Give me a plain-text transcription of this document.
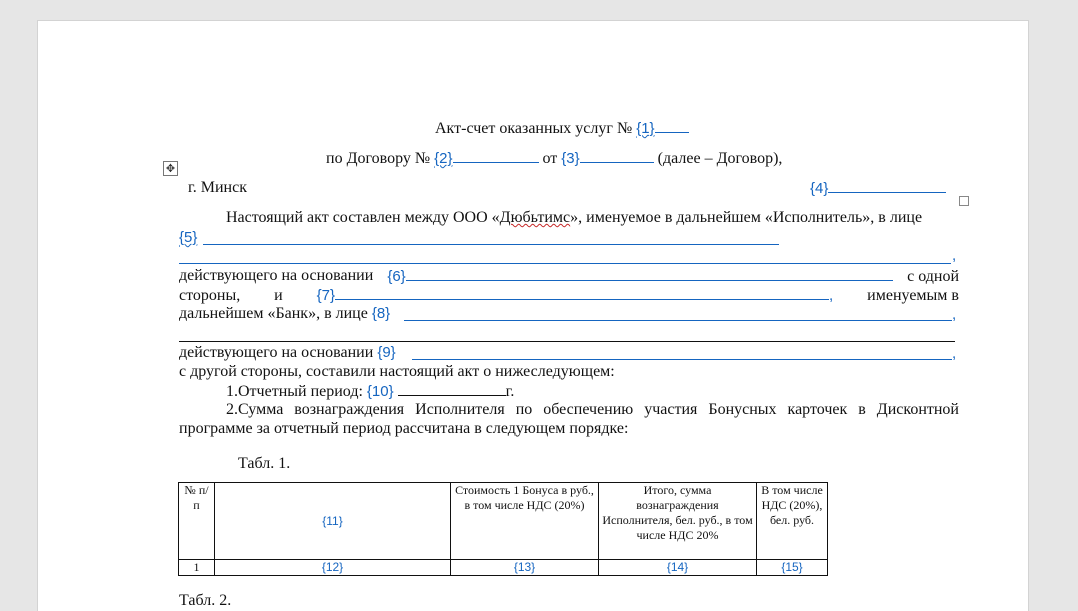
Акт-счет оказанных услуг № {1}
по Договору № {2}	от {3}	(далее – Договор),
✥
г. Минск	{4}
Настоящий акт составлен между ООО «Дюбьтимс», именуемое в дальнейшем «Исполнитель», в лице
{5}
,
действующего на основании {6}	с одной
стороны, и {7}	, именуемым в
дальнейшем «Банк», в лице {8}	,
действующего на основании {9}	,
с другой стороны, составили настоящий акт о нижеследующем:
1.Отчетный период: {10}	г.
2.Сумма вознаграждения Исполнителя по обеспечению участия Бонусных карточек в Дисконтной
программе за отчетный период рассчитана в следующем порядке:
Табл. 1.
№ п/п	{11}	Стоимость 1 Бонуса в руб., в том числе НДС (20%)	Итого, сумма вознаграждения Исполнителя, бел. руб., в том числе НДС 20%	В том числе НДС (20%), бел. руб.
1	{12}	{13}	{14}	{15}
Табл. 2.
